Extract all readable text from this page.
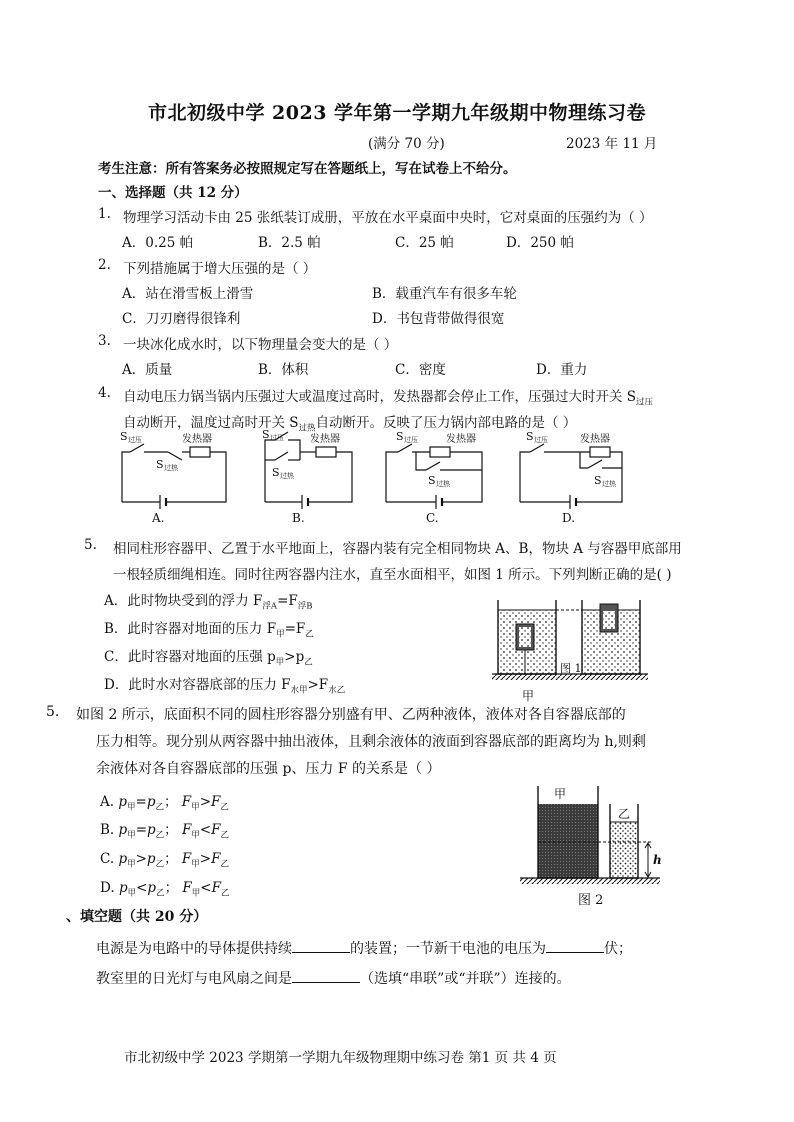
市北初级中学 2023 学年第一学期九年级期中物理练习卷
(满分 70 分)	2023 年 11 月
考生注意：所有答案务必按照规定写在答题纸上，写在试卷上不给分。
一、选择题（共 12 分）
1. 物理学习活动卡由 25 张纸装订成册，平放在水平桌面中央时，它对桌面的压强约为（ ）
A．0.25 帕	B．2.5 帕	C．25 帕	D．250 帕
2. 下列措施属于增大压强的是（ ）
A．站在滑雪板上滑雪	B．载重汽车有很多车轮
C．刀刃磨得很锋利	D．书包背带做得很宽
3. 一块冰化成水时，以下物理量会变大的是（ ）
A．质量	B．体积	C．密度	D．重力
4. 自动电压力锅当锅内压强过大或温度过高时，发热器都会停止工作，压强过大时开关 $S_{过压}$
自动断开，温度过高时开关 $S_{过热}$自动断开。反映了压力锅内部电路的是（ ）
S 过压
S 过热
发热器
A.
S 过压
S 过热
发热器
B.
S 过压
S 过热
发热器
C.
S 过压
S 过热
发热器
D.
5. 相同柱形容器甲、乙置于水平地面上，容器内装有完全相同物块 A、B，物块 A 与容器甲底部用
一根轻质细绳相连。同时往两容器内注水，直至水面相平，如图 1 所示。下列判断正确的是( )
A．此时物块受到的浮力 $F_{浮A}=F_{浮B}$
B．此时容器对地面的压力 $F_甲=F_乙$
C．此时容器对地面的压强 $p_甲>p_乙$
D．此时水对容器底部的压力 $F_{水甲}>F_{水乙}$
图 1
甲
5. 如图 2 所示，底面积不同的圆柱形容器分别盛有甲、乙两种液体，液体对各自容器底部的
压力相等。现分别从两容器中抽出液体，且剩余液体的液面到容器底部的距离均为 h,则剩
余液体对各自容器底部的压强 p、压力 F 的关系是（ ）
A. $p_甲=p_乙$； $F_甲>F_乙$
B. $p_甲=p_乙$； $F_甲<F_乙$
C. $p_甲>p_乙$； $F_甲>F_乙$
D. $p_甲<p_乙$； $F_甲<F_乙$
甲
乙
h
图 2
、填空题（共 20 分）
电源是为电路中的导体提供持续	的装置；一节新干电池的电压为	伏；
教室里的日光灯与电风扇之间是	（选填“串联”或“并联”）连接的。
市北初级中学 2023 学期第一学期九年级物理期中练习卷 第1 页 共 4 页
